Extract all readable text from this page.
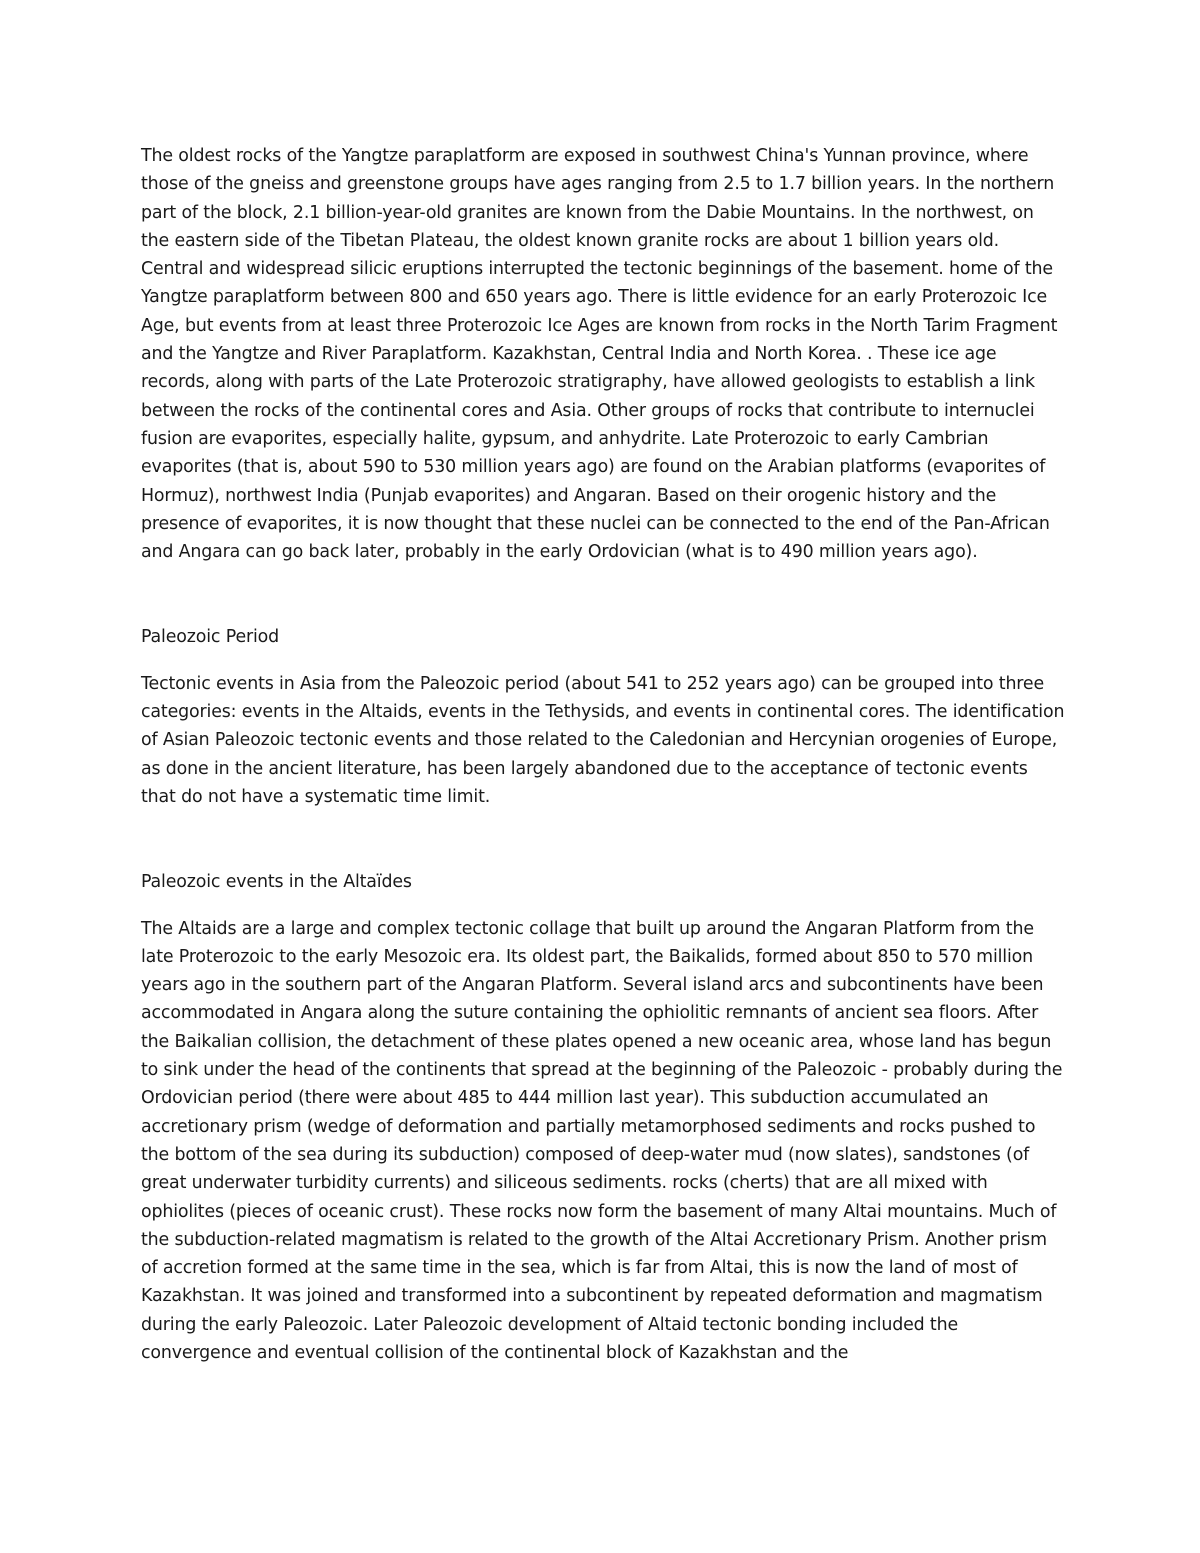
The oldest rocks of the Yangtze paraplatform are exposed in southwest China's Yunnan province, where those of the gneiss and greenstone groups have ages ranging from 2.5 to 1.7 billion years. In the northern part of the block, 2.1 billion-year-old granites are known from the Dabie Mountains. In the northwest, on the eastern side of the Tibetan Plateau, the oldest known granite rocks are about 1 billion years old. Central and widespread silicic eruptions interrupted the tectonic beginnings of the basement. home of the Yangtze paraplatform between 800 and 650 years ago. There is little evidence for an early Proterozoic Ice Age, but events from at least three Proterozoic Ice Ages are known from rocks in the North Tarim Fragment and the Yangtze and River Paraplatform. Kazakhstan, Central India and North Korea. . These ice age records, along with parts of the Late Proterozoic stratigraphy, have allowed geologists to establish a link between the rocks of the continental cores and Asia. Other groups of rocks that contribute to internuclei fusion are evaporites, especially halite, gypsum, and anhydrite. Late Proterozoic to early Cambrian evaporites (that is, about 590 to 530 million years ago) are found on the Arabian platforms (evaporites of Hormuz), northwest India (Punjab evaporites) and Angaran. Based on their orogenic history and the presence of evaporites, it is now thought that these nuclei can be connected to the end of the Pan-African and Angara can go back later, probably in the early Ordovician (what is to 490 million years ago).

Paleozoic Period

Tectonic events in Asia from the Paleozoic period (about 541 to 252 years ago) can be grouped into three categories: events in the Altaids, events in the Tethysids, and events in continental cores. The identification of Asian Paleozoic tectonic events and those related to the Caledonian and Hercynian orogenies of Europe, as done in the ancient literature, has been largely abandoned due to the acceptance of tectonic events that do not have a systematic time limit.

Paleozoic events in the Altaïdes

The Altaids are a large and complex tectonic collage that built up around the Angaran Platform from the late Proterozoic to the early Mesozoic era. Its oldest part, the Baikalids, formed about 850 to 570 million years ago in the southern part of the Angaran Platform. Several island arcs and subcontinents have been accommodated in Angara along the suture containing the ophiolitic remnants of ancient sea floors. After the Baikalian collision, the detachment of these plates opened a new oceanic area, whose land has begun to sink under the head of the continents that spread at the beginning of the Paleozoic - probably during the Ordovician period (there were about 485 to 444 million last year). This subduction accumulated an accretionary prism (wedge of deformation and partially metamorphosed sediments and rocks pushed to the bottom of the sea during its subduction) composed of deep-water mud (now slates), sandstones (of great underwater turbidity currents) and siliceous sediments. rocks (cherts) that are all mixed with ophiolites (pieces of oceanic crust). These rocks now form the basement of many Altai mountains. Much of the subduction-related magmatism is related to the growth of the Altai Accretionary Prism. Another prism of accretion formed at the same time in the sea, which is far from Altai, this is now the land of most of Kazakhstan. It was joined and transformed into a subcontinent by repeated deformation and magmatism during the early Paleozoic. Later Paleozoic development of Altaid tectonic bonding included the convergence and eventual collision of the continental block of Kazakhstan and the
